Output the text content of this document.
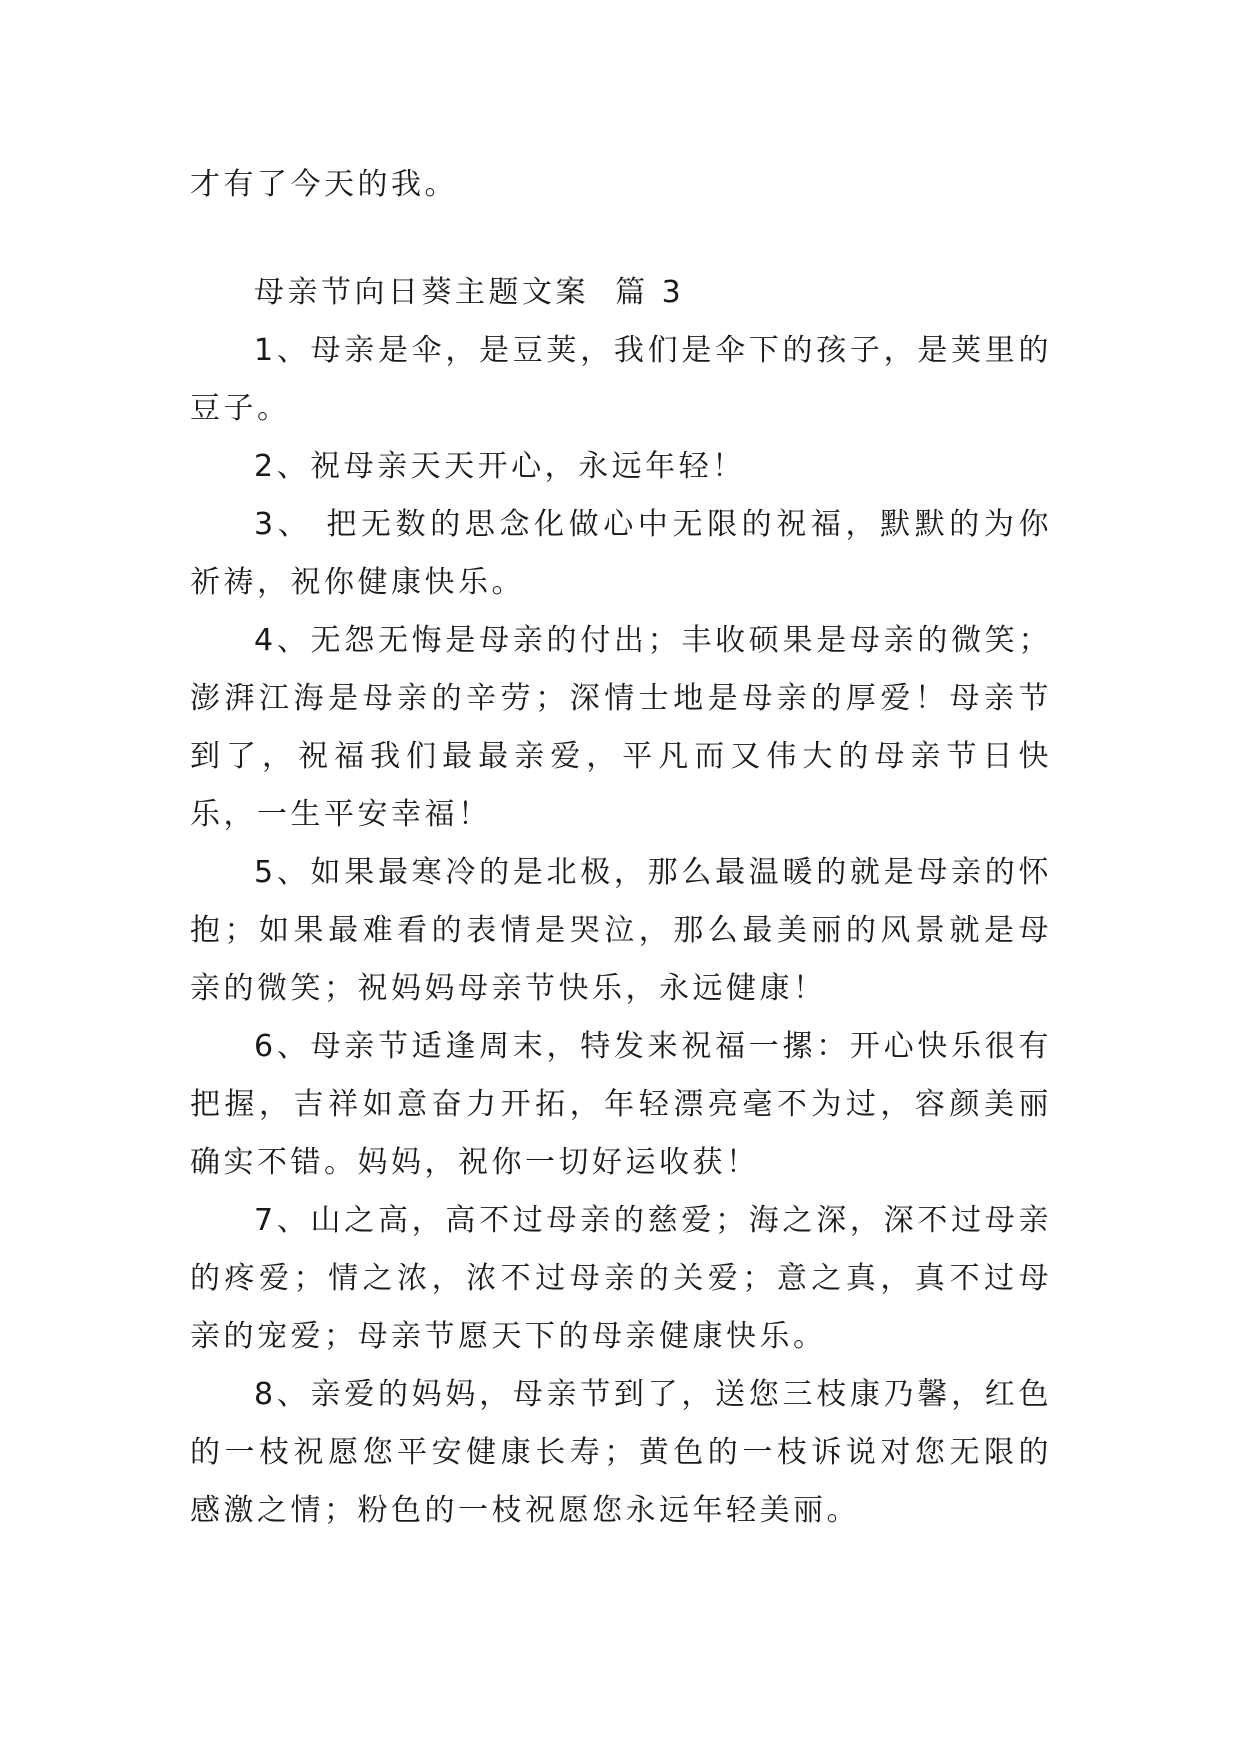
才有了今天的我。

母亲节向日葵主题文案  篇 3

1、母亲是伞，是豆荚，我们是伞下的孩子，是荚里的豆子。

2、祝母亲天天开心，永远年轻！

3、 把无数的思念化做心中无限的祝福，默默的为你祈祷，祝你健康快乐。

4、无怨无悔是母亲的付出；丰收硕果是母亲的微笑；澎湃江海是母亲的辛劳；深情士地是母亲的厚爱！母亲节到了，祝福我们最最亲爱，平凡而又伟大的母亲节日快乐，一生平安幸福！

5、如果最寒冷的是北极，那么最温暖的就是母亲的怀抱；如果最难看的表情是哭泣，那么最美丽的风景就是母亲的微笑；祝妈妈母亲节快乐，永远健康！

6、母亲节适逢周末，特发来祝福一摞：开心快乐很有把握，吉祥如意奋力开拓，年轻漂亮毫不为过，容颜美丽确实不错。妈妈，祝你一切好运收获！

7、山之高，高不过母亲的慈爱；海之深，深不过母亲的疼爱；情之浓，浓不过母亲的关爱；意之真，真不过母亲的宠爱；母亲节愿天下的母亲健康快乐。

8、亲爱的妈妈，母亲节到了，送您三枝康乃馨，红色的一枝祝愿您平安健康长寿；黄色的一枝诉说对您无限的感激之情；粉色的一枝祝愿您永远年轻美丽。
